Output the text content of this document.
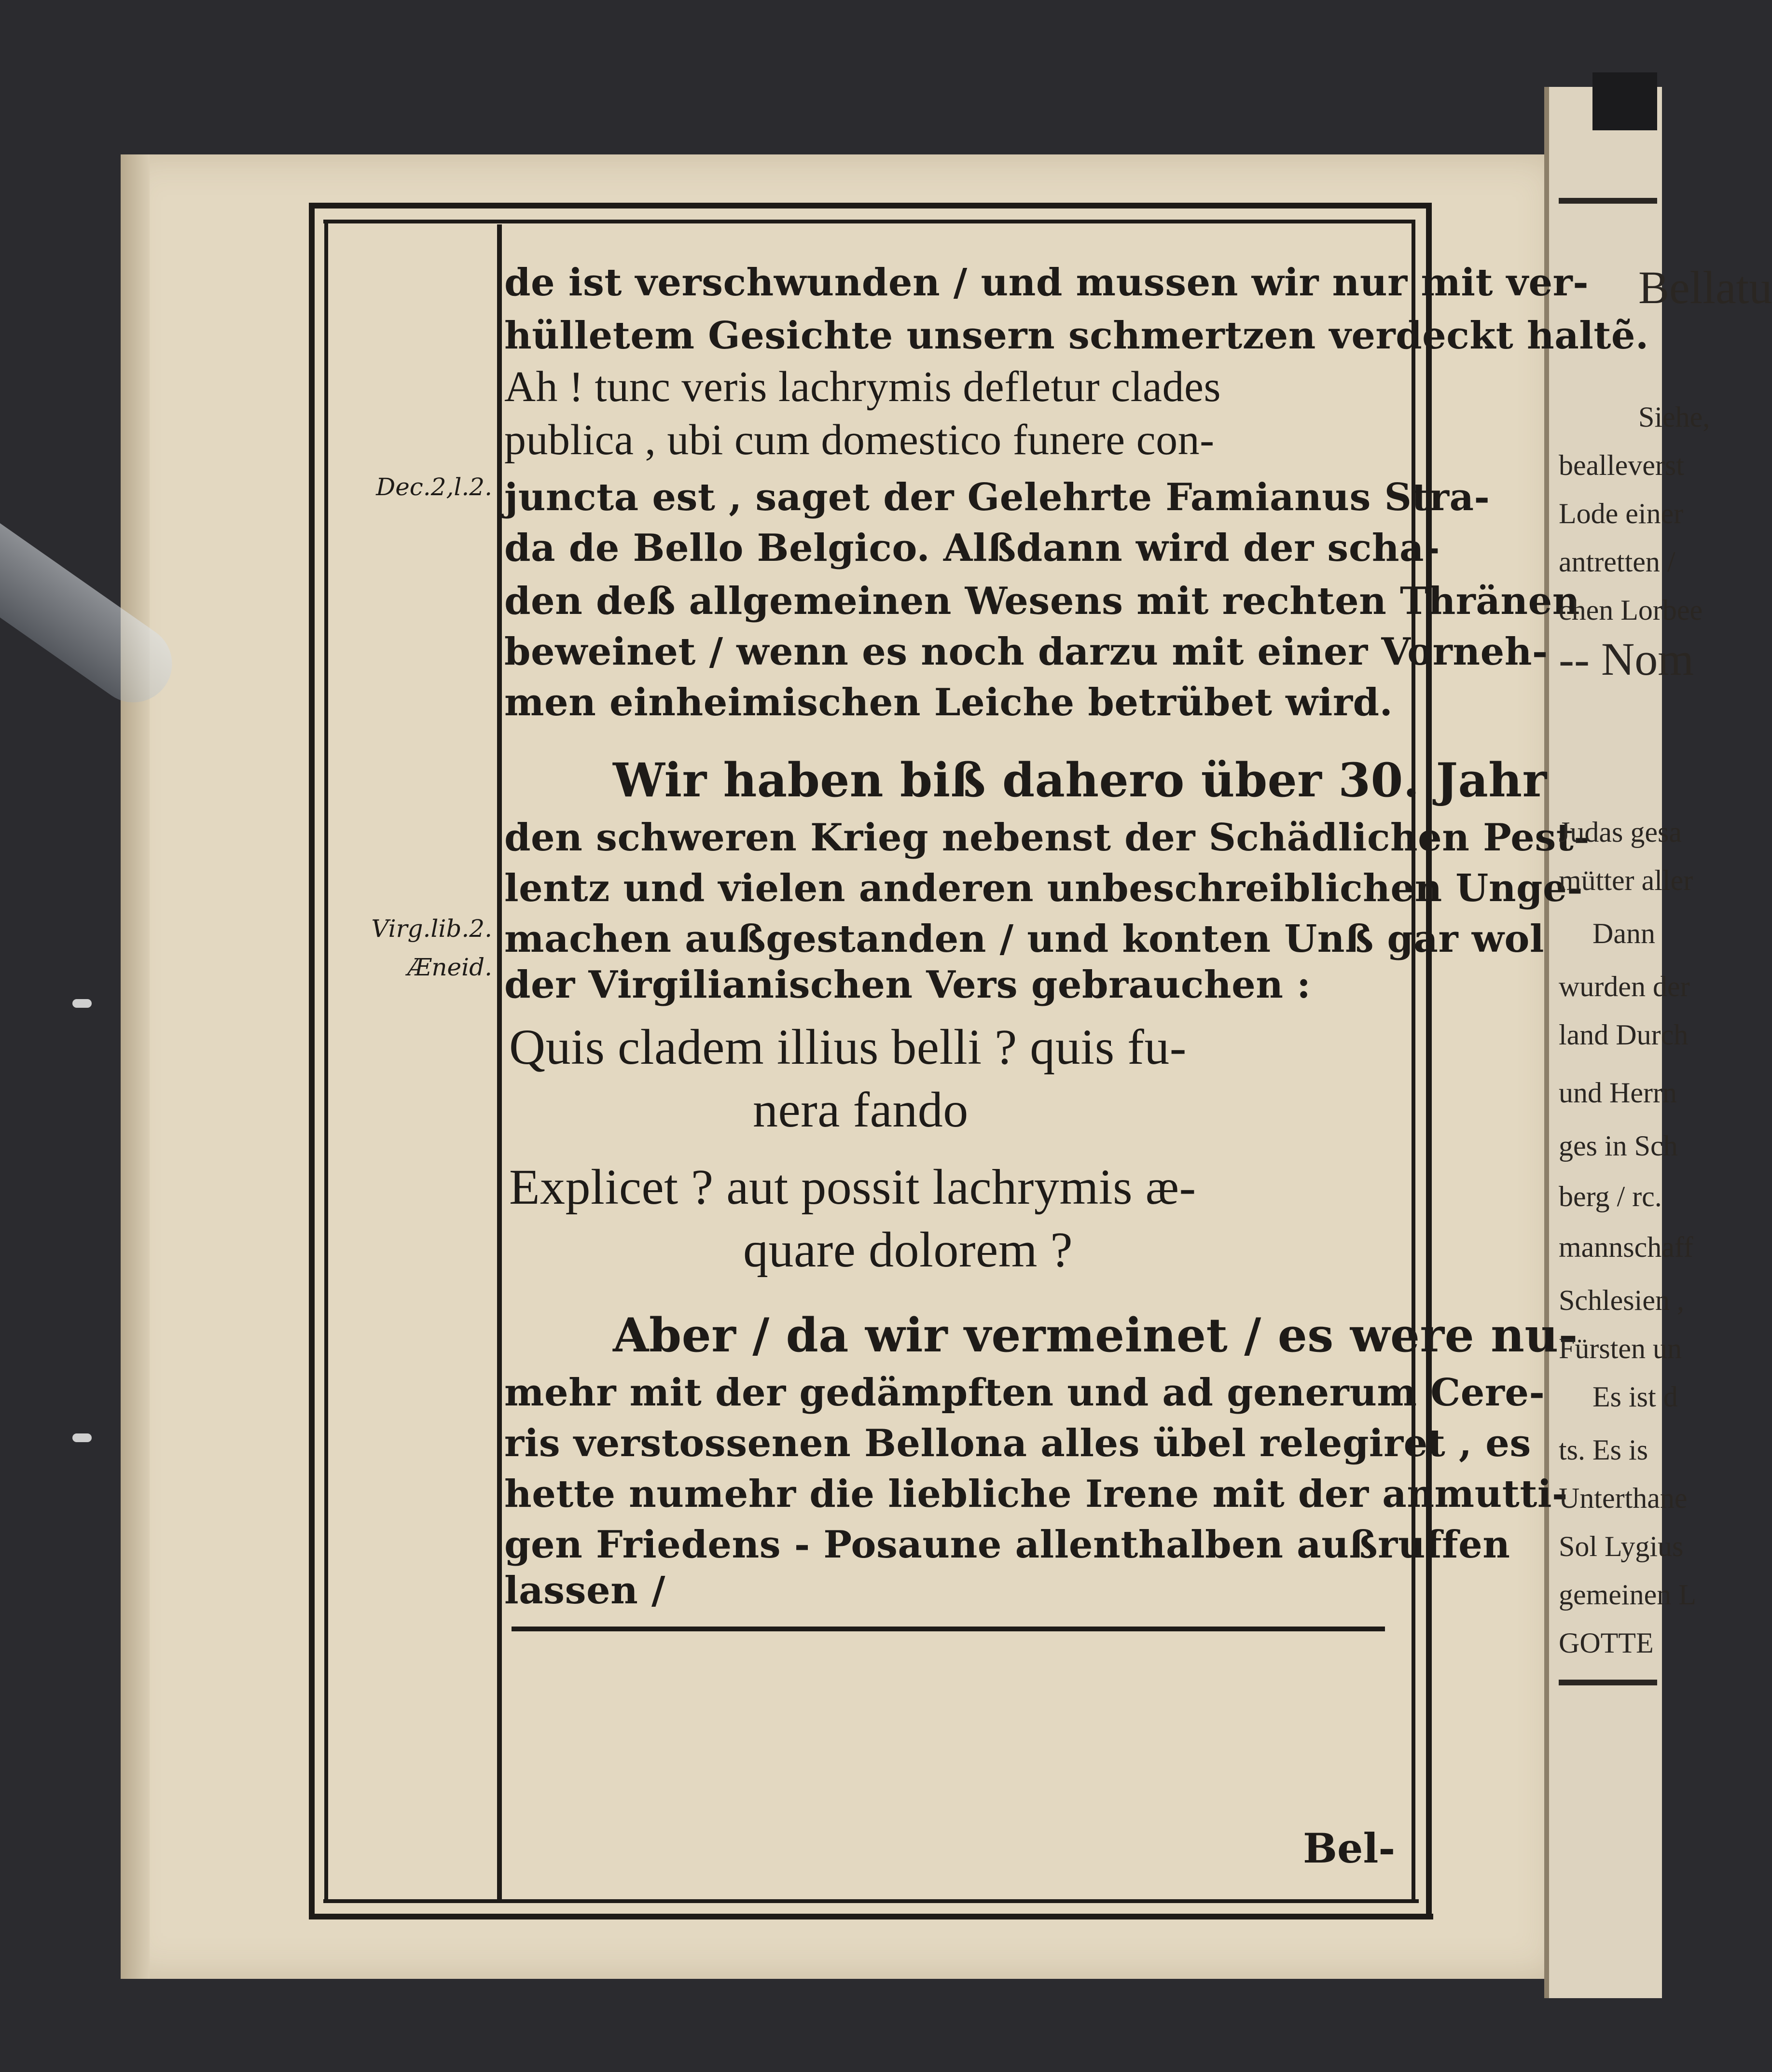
Dec.2,l.2.
Virg.lib.2.
Æneid.
de ist verschwunden / und mussen wir nur mit ver-
hülletem Gesichte unsern schmertzen verdeckt haltẽ.
Ah ! tunc veris lachrymis defletur clades
publica , ubi cum domestico funere con-
juncta est , saget der Gelehrte Famianus Stra-
da de Bello Belgico. Alßdann wird der scha-
den deß allgemeinen Wesens mit rechten Thränen
beweinet / wenn es noch darzu mit einer Vorneh-
men einheimischen Leiche betrübet wird.
Wir haben biß dahero über 30. Jahr
den schweren Krieg nebenst der Schädlichen Pest-
lentz und vielen anderen unbeschreiblichen Unge-
machen außgestanden / und konten Unß gar wol
der Virgilianischen Vers gebrauchen :
Quis cladem illius belli ? quis fu-
nera fando
Explicet ? aut possit lachrymis æ-
quare dolorem ?
Aber / da wir vermeinet / es were nu-
mehr mit der gedämpften und ad generum Cere-
ris verstossenen Bellona alles übel relegiret , es
hette numehr die liebliche Irene mit der anmutti-
gen Friedens - Posaune allenthalben außruffen
lassen /
Bel-
Bellatu
Siehe,
bealleverst
Lode einer
antretten /
chen Lorbee
-- Nom
Judas gesa
mütter aller
Dann
wurden der
land Durch
und Herrn
ges in Sch
berg / rc.
mannschaff
Schlesien ,
Fürsten un
Es ist d
ts. Es is
Unterthane
Sol Lygius
gemeinen L
GOTTE
